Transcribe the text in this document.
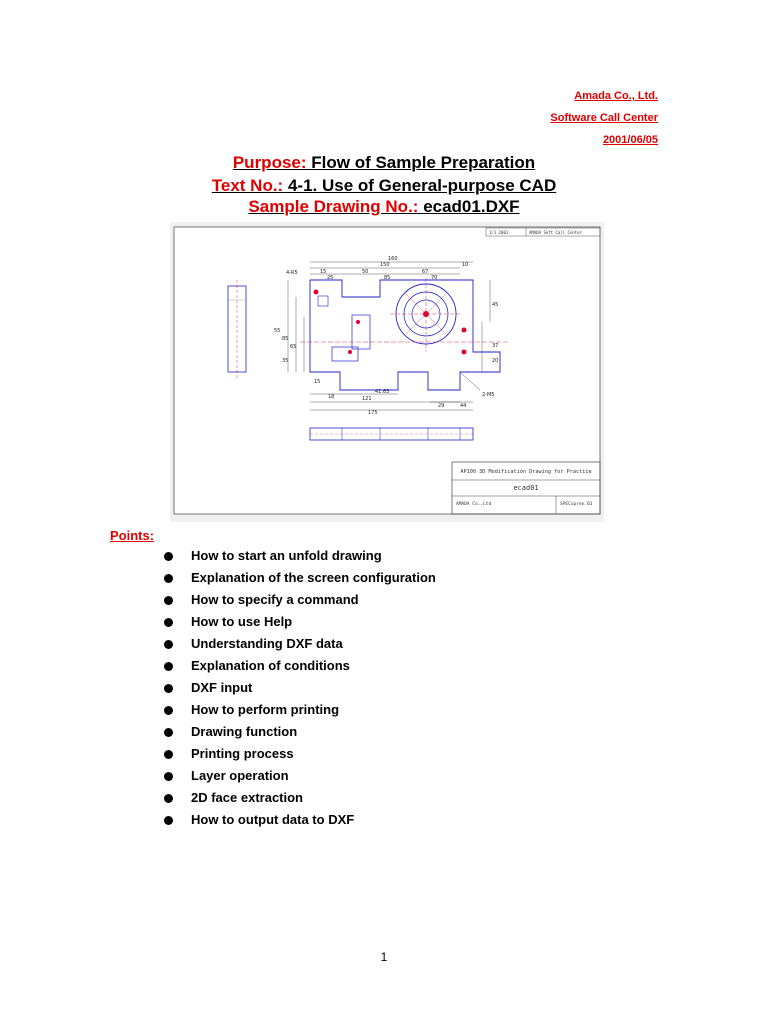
Amada Co., Ltd.
Software Call Center
2001/06/05
Purpose: Flow of Sample Preparation
Text No.: 4-1. Use of General-purpose CAD
Sample Drawing No.: ecad01.DXF
1/1 2001	AMADA Soft Call Center
160
150	10
15	50	67
25	85	70
45
55
85
65
35
15
121
175
41.63
29	44
18
37
20
4-R5
2-M5
AP100 3D Modification Drawing for Practice
ecad01
AMADA Co.,Ltd	SPECsprex.01
Points:
How to start an unfold drawing
Explanation of the screen configuration
How to specify a command
How to use Help
Understanding DXF data
Explanation of conditions
DXF input
How to perform printing
Drawing function
Printing process
Layer operation
2D face extraction
How to output data to DXF
1
